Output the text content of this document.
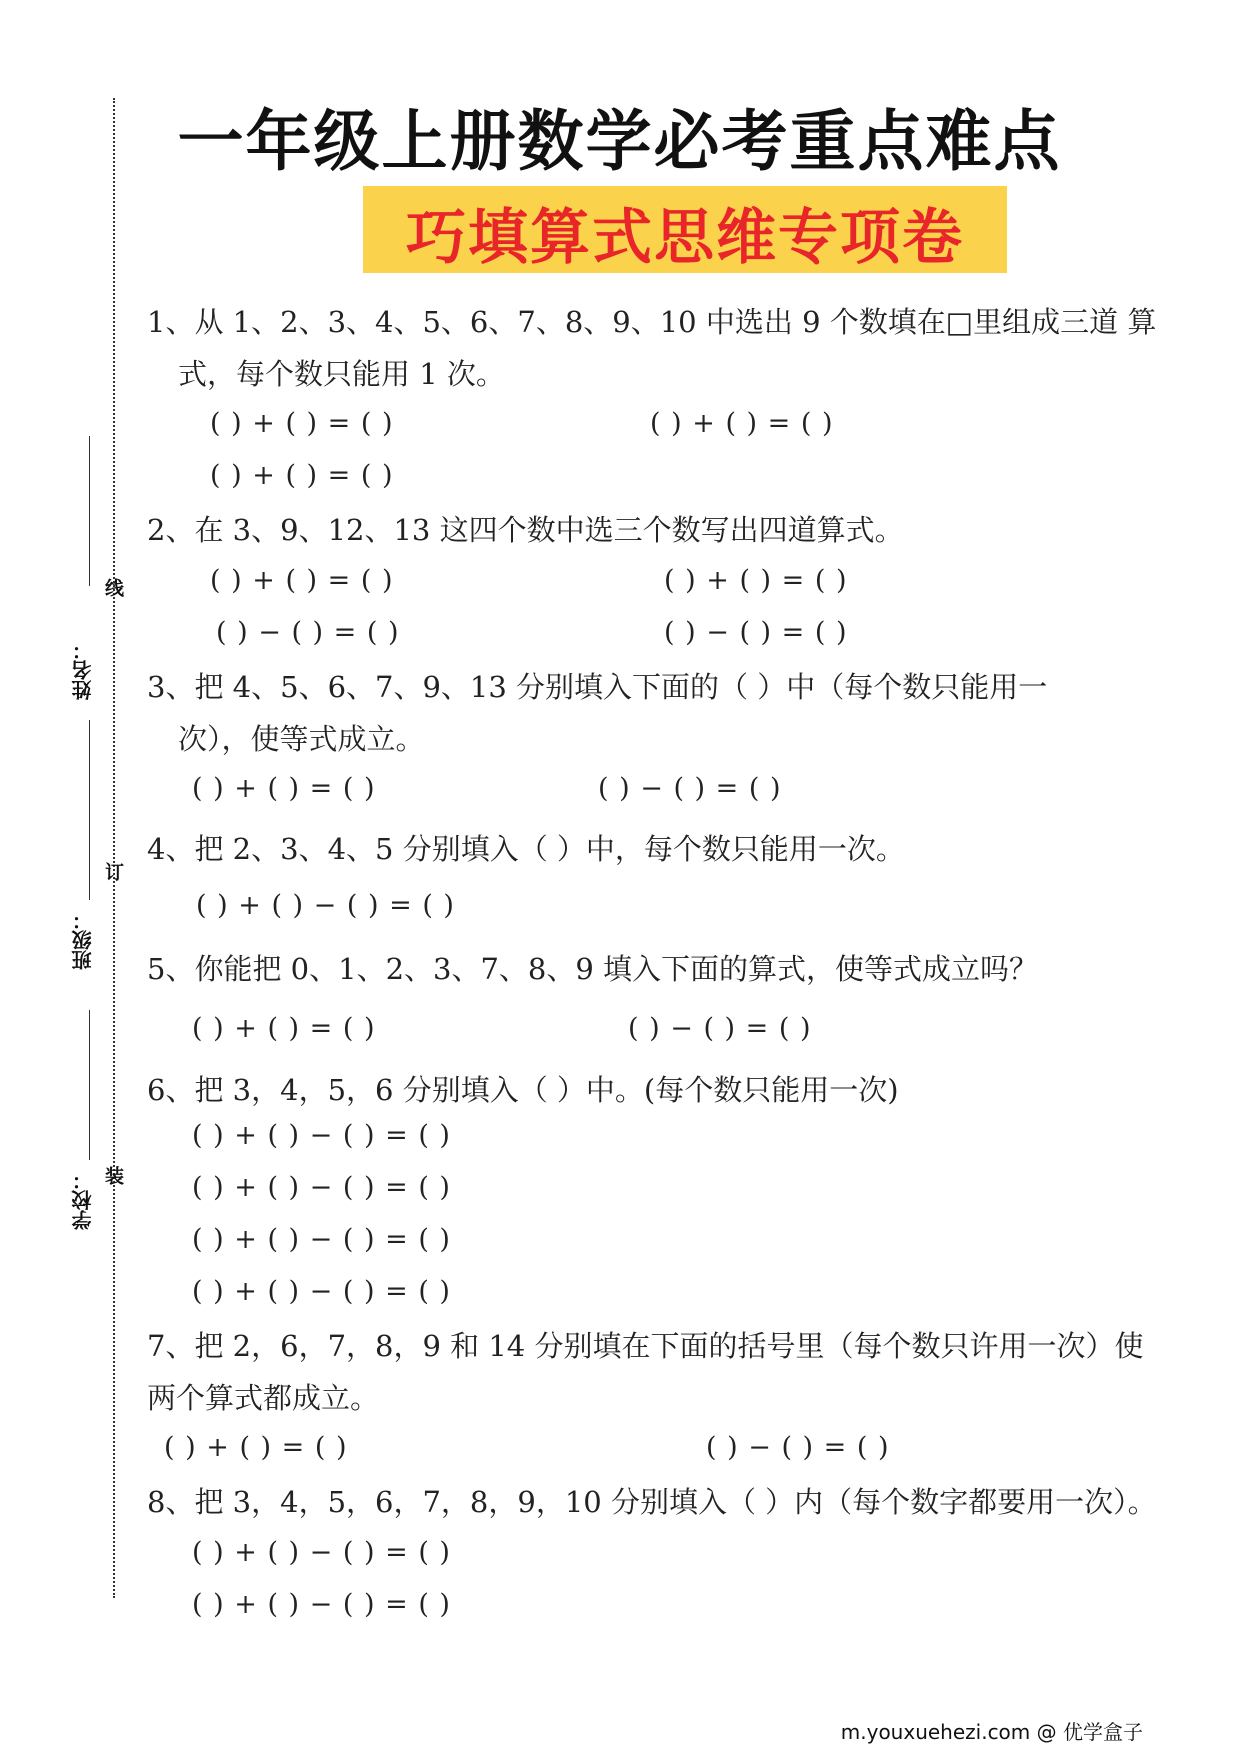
一年级上册数学必考重点难点
巧填算式思维专项卷
姓名：
班级：
学校：
线
订
装
1、从 1、2、3、4、5、6、7、8、9、10 中选出 9 个数填在□里组成三道 算
式，每个数只能用 1 次。
( ) + ( ) = ( )	( ) + ( ) = ( )
( ) + ( ) = ( )
2、在 3、9、12、13 这四个数中选三个数写出四道算式。
( ) + ( ) = ( )	( ) + ( ) = ( )
( ) − ( ) = ( )	( ) − ( ) = ( )
3、把 4、5、6、7、9、13 分别填入下面的（ ）中（每个数只能用一
次），使等式成立。
( ) + ( ) = ( )	( ) − ( ) = ( )
4、把 2、3、4、5 分别填入（ ）中，每个数只能用一次。
( ) + ( ) − ( ) = ( )
5、你能把 0、1、2、3、7、8、9 填入下面的算式，使等式成立吗？
( ) + ( ) = ( )	( ) − ( ) = ( )
6、把 3，4，5，6 分别填入（ ）中。(每个数只能用一次)
( ) + ( ) − ( ) = ( )
( ) + ( ) − ( ) = ( )
( ) + ( ) − ( ) = ( )
( ) + ( ) − ( ) = ( )
7、把 2，6，7，8，9 和 14 分别填在下面的括号里（每个数只许用一次）使
两个算式都成立。
( ) + ( ) = ( )	( ) − ( ) = ( )
8、把 3，4，5，6，7，8，9，10 分别填入（ ）内（每个数字都要用一次）。
( ) + ( ) − ( ) = ( )
( ) + ( ) − ( ) = ( )
m.youxuehezi.com @ 优学盒子
